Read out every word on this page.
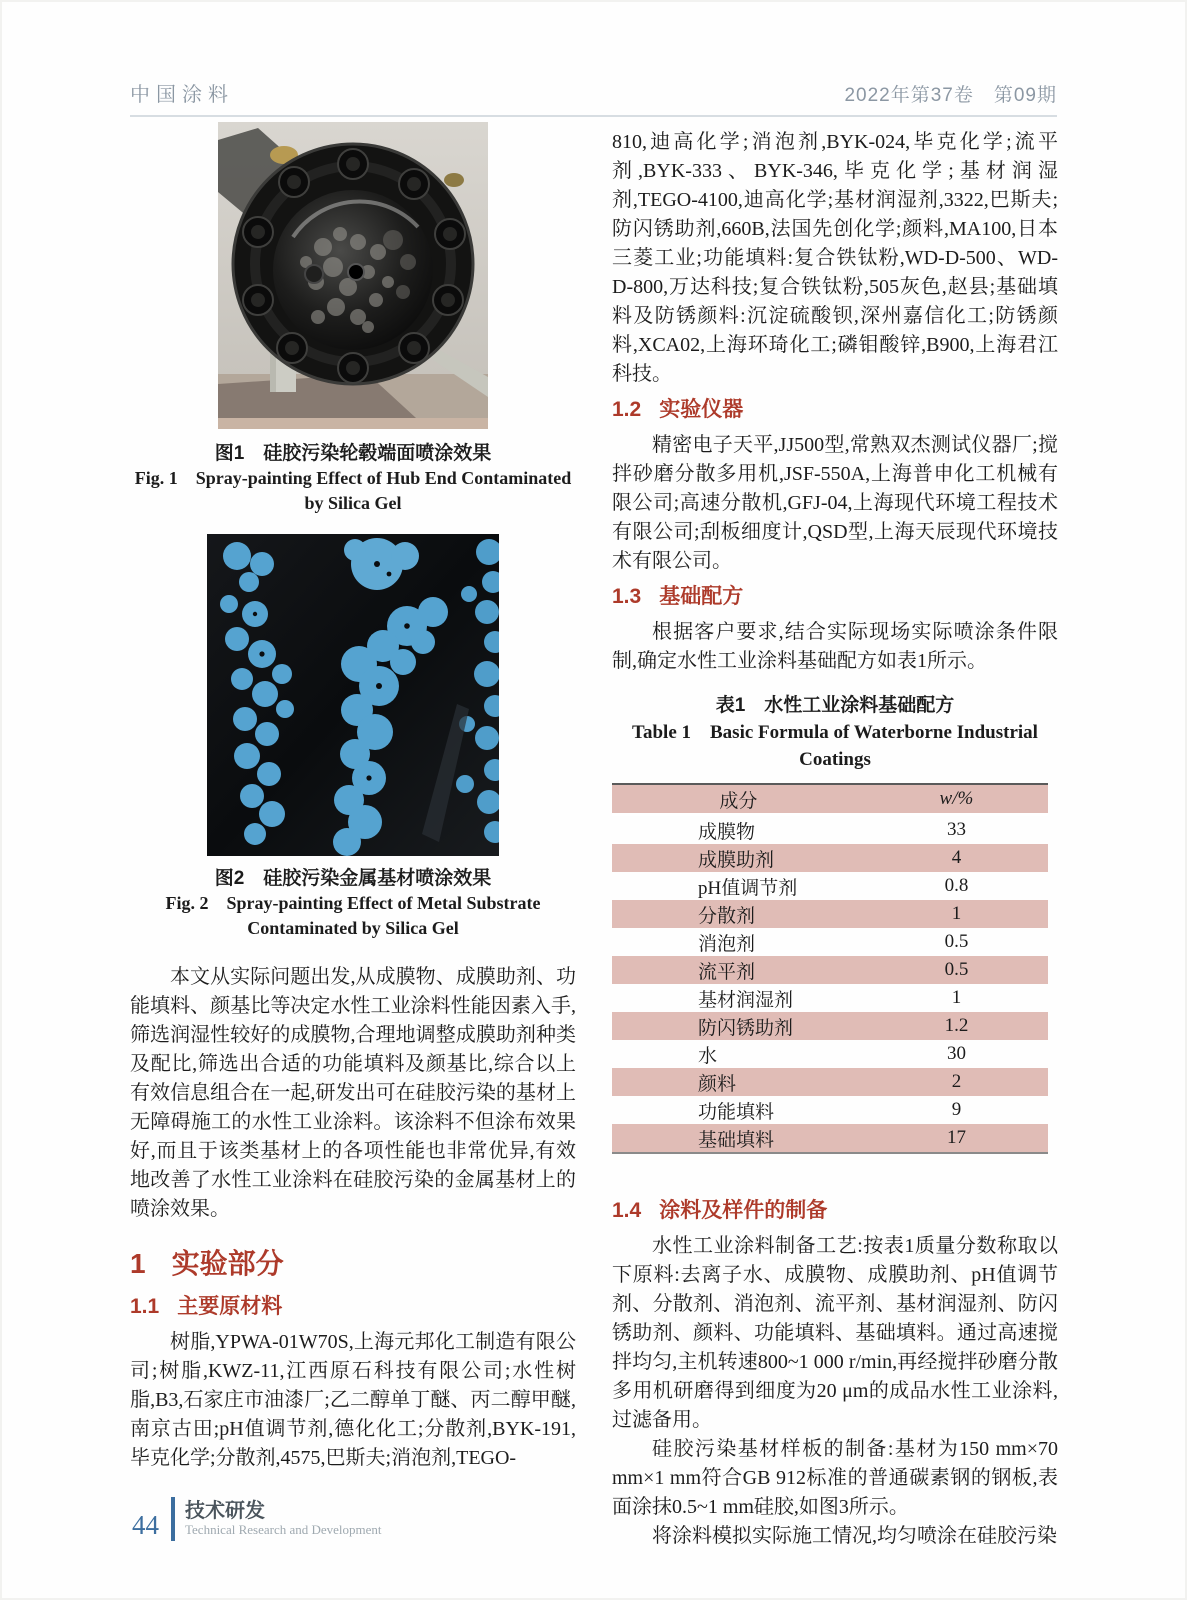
中国涂料	2022年第37卷　第09期
图1　硅胶污染轮毂端面喷涂效果
Fig. 1　Spray-painting Effect of Hub End Contaminated
by Silica Gel
图2　硅胶污染金属基材喷涂效果
Fig. 2　Spray-painting Effect of Metal Substrate
Contaminated by Silica Gel

本文从实际问题出发,从成膜物、成膜助剂、功能填料、颜基比等决定水性工业涂料性能因素入手,筛选润湿性较好的成膜物,合理地调整成膜助剂种类及配比,筛选出合适的功能填料及颜基比,综合以上有效信息组合在一起,研发出可在硅胶污染的基材上无障碍施工的水性工业涂料。该涂料不但涂布效果好,而且于该类基材上的各项性能也非常优异,有效地改善了水性工业涂料在硅胶污染的金属基材上的喷涂效果。

1 实验部分
1.1 主要原材料

树脂,YPWA-01W70S,上海元邦化工制造有限公司;树脂,KWZ-11,江西原石科技有限公司;水性树脂,B3,石家庄市油漆厂;乙二醇单丁醚、丙二醇甲醚,南京古田;pH值调节剂,德化化工;分散剂,BYK-191,毕克化学;分散剂,4575,巴斯夫;消泡剂,TEGO-

810,迪高化学;消泡剂,BYK-024,毕克化学;流平剂,BYK-333、BYK-346,毕克化学;基材润湿剂,TEGO-4100,迪高化学;基材润湿剂,3322,巴斯夫;防闪锈助剂,660B,法国先创化学;颜料,MA100,日本三菱工业;功能填料:复合铁钛粉,WD-D-500、WD-D-800,万达科技;复合铁钛粉,505灰色,赵县;基础填料及防锈颜料:沉淀硫酸钡,深州嘉信化工;防锈颜料,XCA02,上海环琦化工;磷钼酸锌,B900,上海君江科技。

1.2 实验仪器

精密电子天平,JJ500型,常熟双杰测试仪器厂;搅拌砂磨分散多用机,JSF-550A,上海普申化工机械有限公司;高速分散机,GFJ-04,上海现代环境工程技术有限公司;刮板细度计,QSD型,上海天辰现代环境技术有限公司。

1.3 基础配方

根据客户要求,结合实际现场实际喷涂条件限制,确定水性工业涂料基础配方如表1所示。

表1　水性工业涂料基础配方
Table 1　Basic Formula of Waterborne Industrial
Coatings
成分	w/%
成膜物	33
成膜助剂	4
pH值调节剂	0.8
分散剂	1
消泡剂	0.5
流平剂	0.5
基材润湿剂	1
防闪锈助剂	1.2
水	30
颜料	2
功能填料	9
基础填料	17
1.4 涂料及样件的制备

水性工业涂料制备工艺:按表1质量分数称取以下原料:去离子水、成膜物、成膜助剂、pH值调节剂、分散剂、消泡剂、流平剂、基材润湿剂、防闪锈助剂、颜料、功能填料、基础填料。通过高速搅拌均匀,主机转速800~1 000 r/min,再经搅拌砂磨分散多用机研磨得到细度为20 μm的成品水性工业涂料,过滤备用。

硅胶污染基材样板的制备:基材为150 mm×70 mm×1 mm符合GB 912标准的普通碳素钢的钢板,表面涂抹0.5~1 mm硅胶,如图3所示。

将涂料模拟实际施工情况,均匀喷涂在硅胶污染

44 技术研发
Technical Research and Development
